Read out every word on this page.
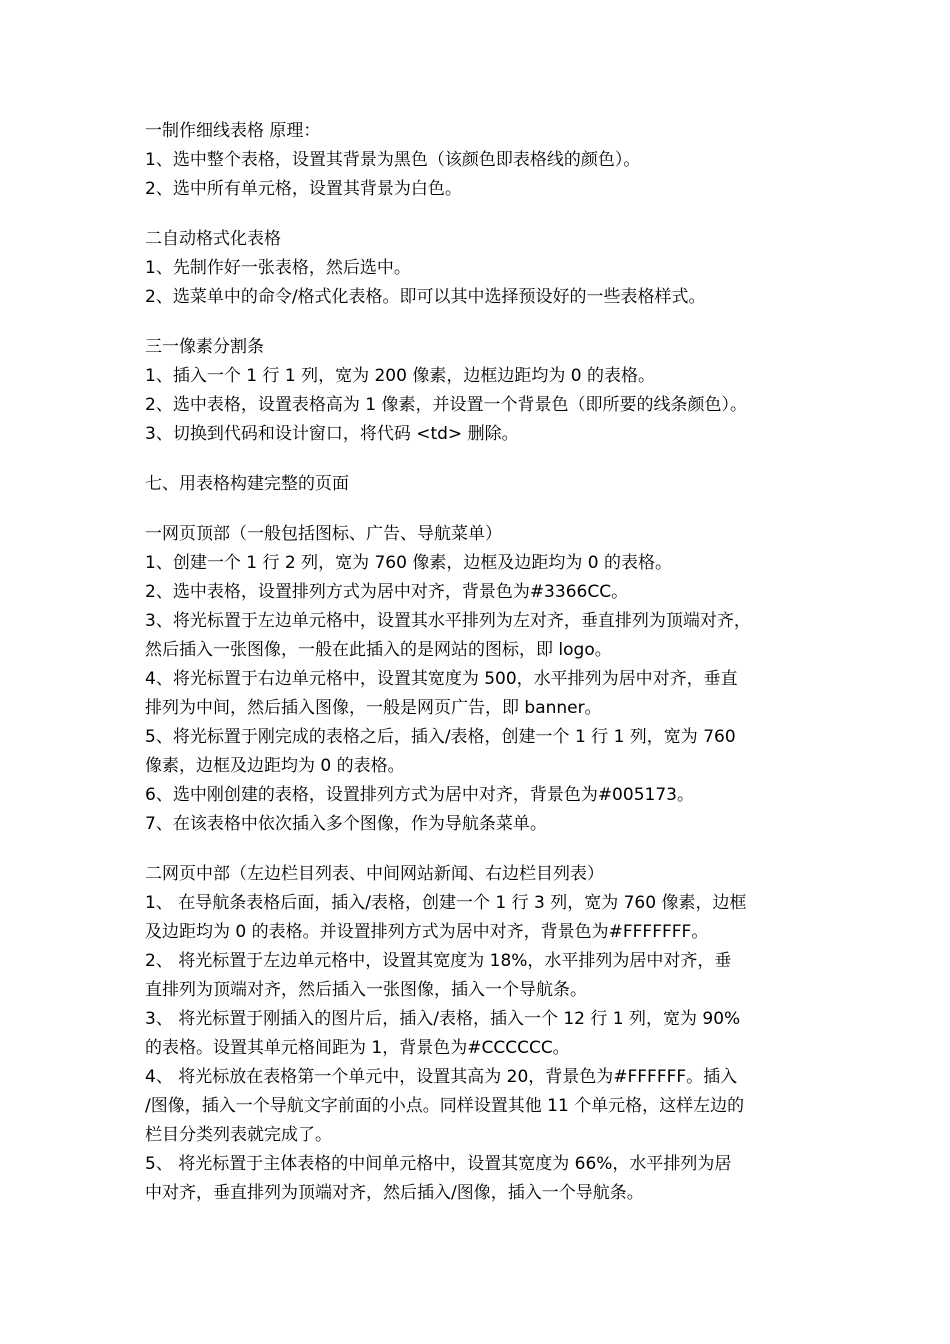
一制作细线表格 原理：
1、选中整个表格，设置其背景为黑色（该颜色即表格线的颜色）。
2、选中所有单元格，设置其背景为白色。
二自动格式化表格
1、先制作好一张表格，然后选中。
2、选菜单中的命令/格式化表格。即可以其中选择预设好的一些表格样式。
三一像素分割条
1、插入一个 1 行 1 列，宽为 200 像素，边框边距均为 0 的表格。
2、选中表格，设置表格高为 1 像素，并设置一个背景色（即所要的线条颜色）。
3、切换到代码和设计窗口，将代码 <td> 删除。
七、用表格构建完整的页面
一网页顶部（一般包括图标、广告、导航菜单）
1、创建一个 1 行 2 列，宽为 760 像素，边框及边距均为 0 的表格。
2、选中表格，设置排列方式为居中对齐，背景色为#3366CC。
3、将光标置于左边单元格中，设置其水平排列为左对齐，垂直排列为顶端对齐，
然后插入一张图像，一般在此插入的是网站的图标，即 logo。
4、将光标置于右边单元格中，设置其宽度为 500，水平排列为居中对齐，垂直
排列为中间，然后插入图像，一般是网页广告，即 banner。
5、将光标置于刚完成的表格之后，插入/表格，创建一个 1 行 1 列，宽为 760
像素，边框及边距均为 0 的表格。
6、选中刚创建的表格，设置排列方式为居中对齐，背景色为#005173。
7、在该表格中依次插入多个图像，作为导航条菜单。
二网页中部（左边栏目列表、中间网站新闻、右边栏目列表）
1、 在导航条表格后面，插入/表格，创建一个 1 行 3 列，宽为 760 像素，边框
及边距均为 0 的表格。并设置排列方式为居中对齐，背景色为#FFFFFFF。
2、 将光标置于左边单元格中，设置其宽度为 18%，水平排列为居中对齐，垂
直排列为顶端对齐，然后插入一张图像，插入一个导航条。
3、 将光标置于刚插入的图片后，插入/表格，插入一个 12 行 1 列，宽为 90%
的表格。设置其单元格间距为 1，背景色为#CCCCCC。
4、 将光标放在表格第一个单元中，设置其高为 20，背景色为#FFFFFF。插入
/图像，插入一个导航文字前面的小点。同样设置其他 11 个单元格，这样左边的
栏目分类列表就完成了。
5、 将光标置于主体表格的中间单元格中，设置其宽度为 66%，水平排列为居
中对齐，垂直排列为顶端对齐，然后插入/图像，插入一个导航条。
